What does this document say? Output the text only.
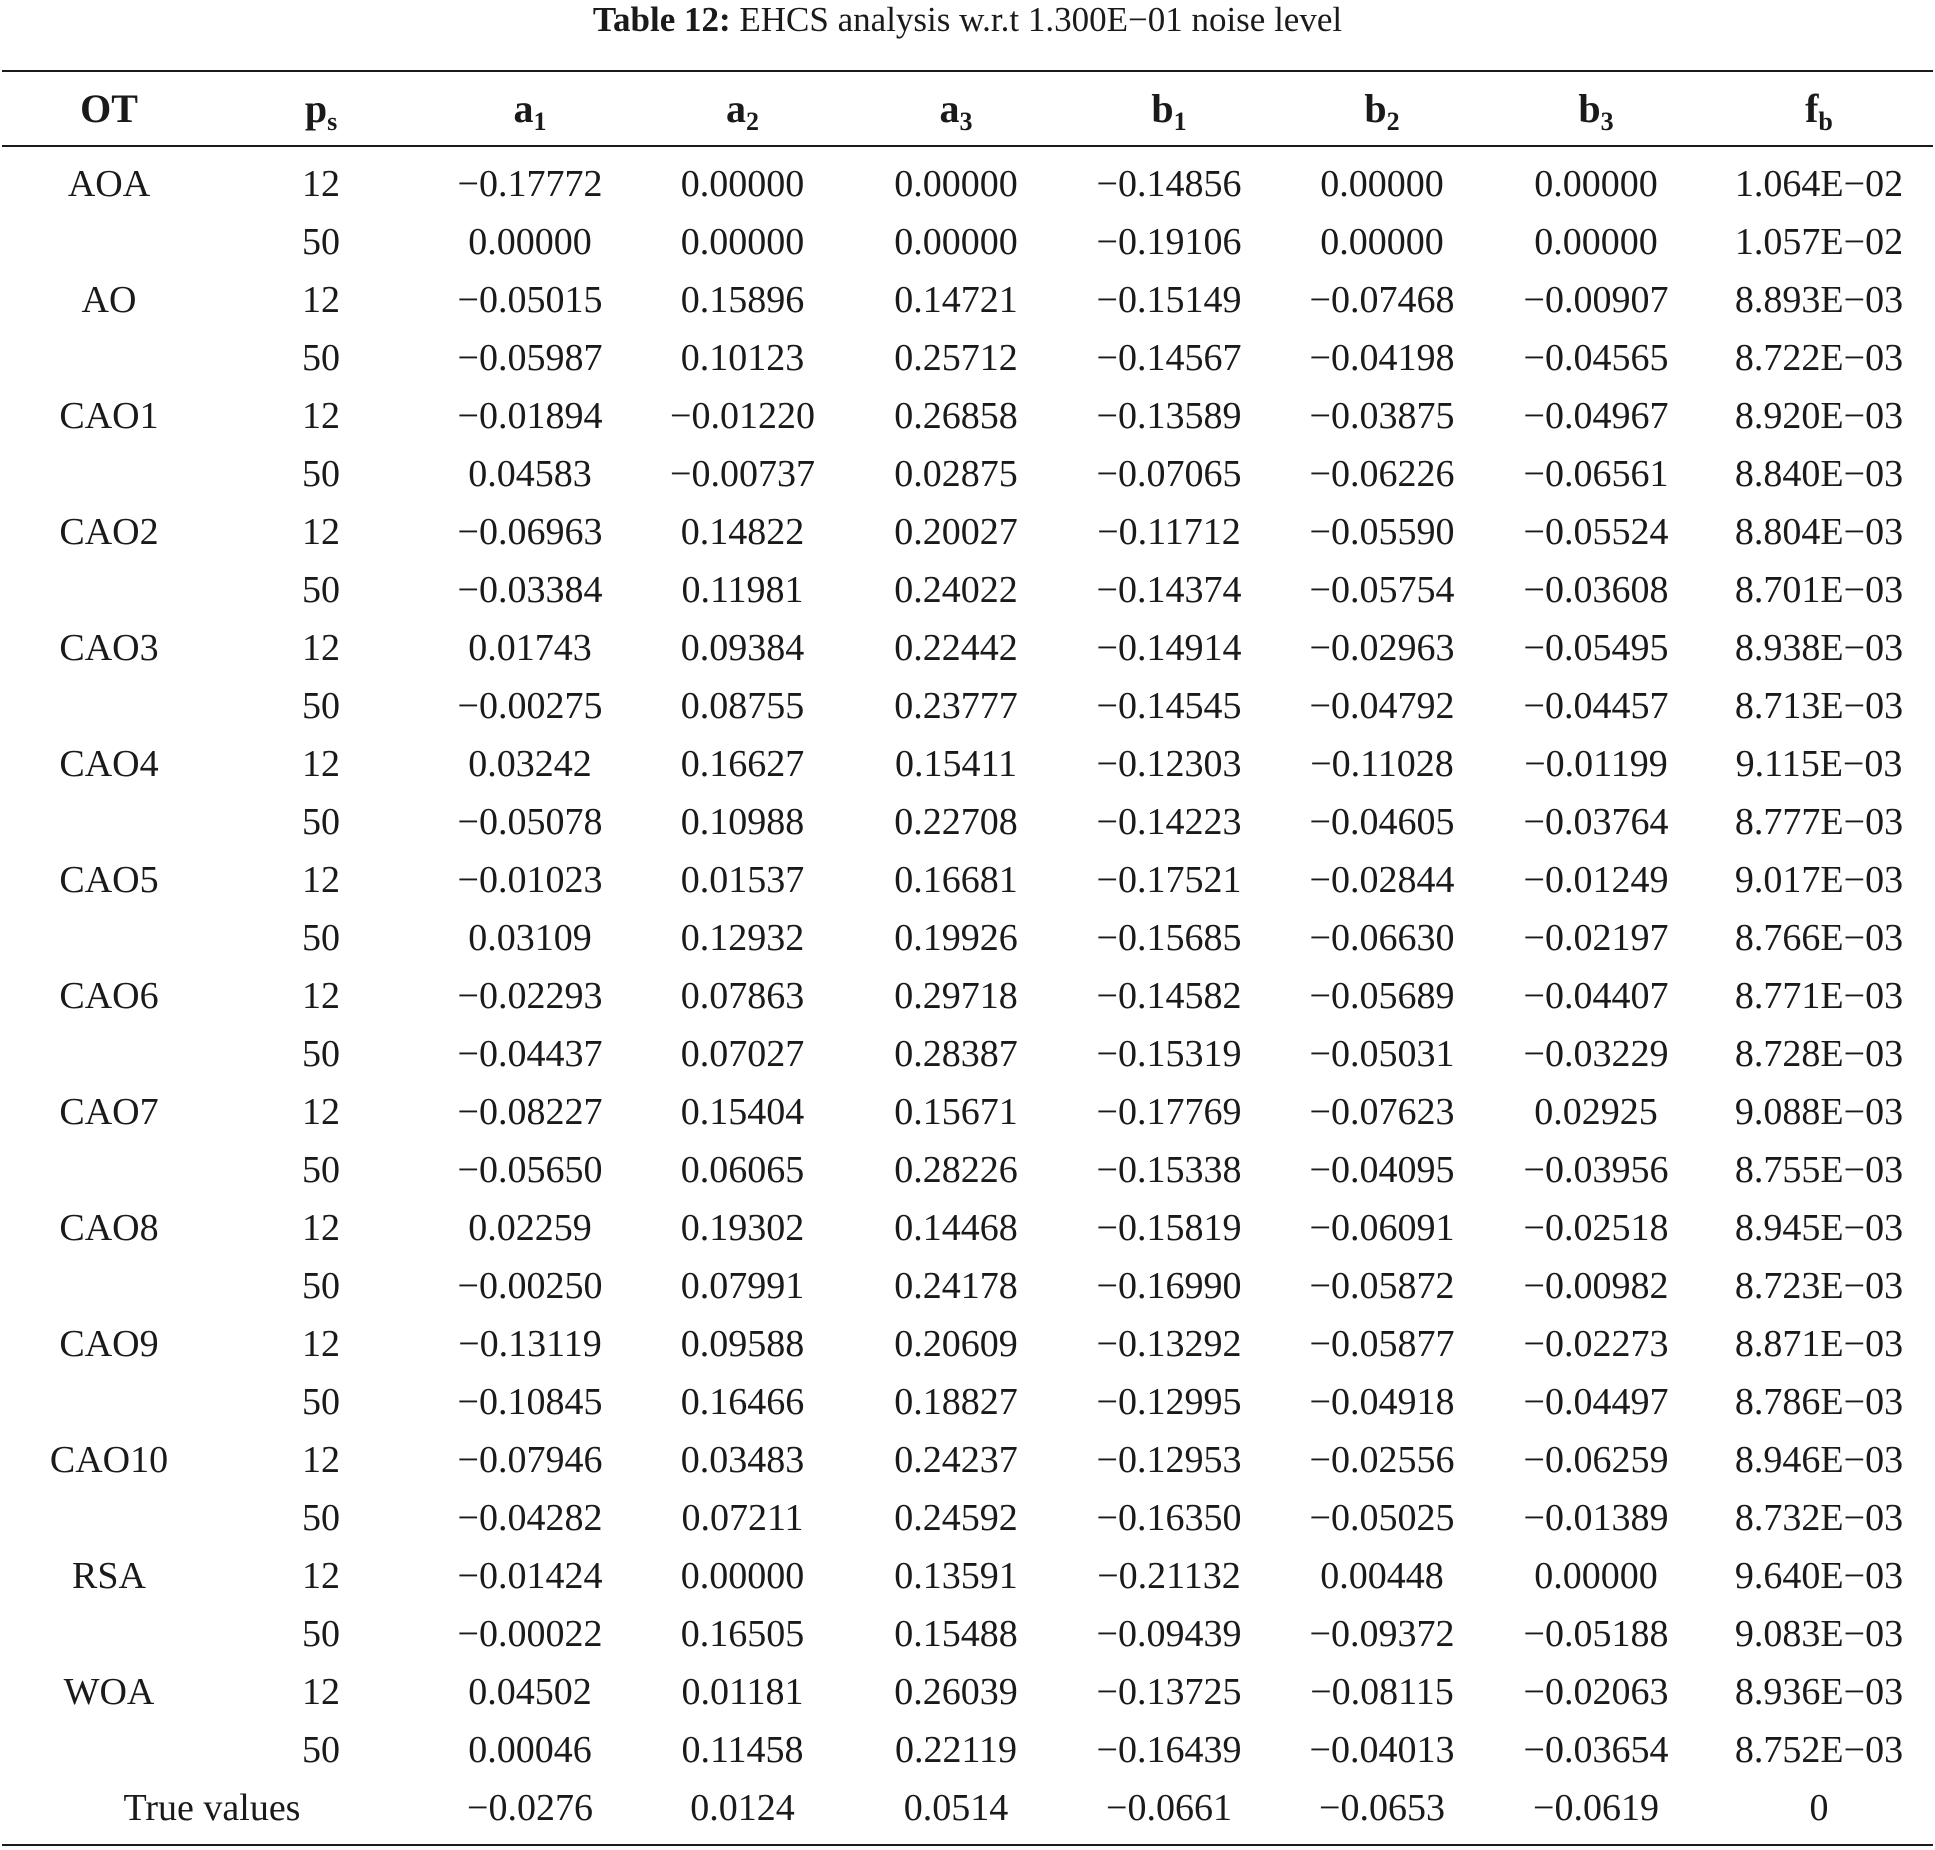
Table 12: EHCS analysis w.r.t 1.300E−01 noise level
OT	$p_s$	$a_1$	$a_2$	$a_3$	$b_1$	$b_2$	$b_3$	$f_b$
AOA	12	−0.17772	0.00000	0.00000	−0.14856	0.00000	0.00000	1.064E−02
	50	0.00000	0.00000	0.00000	−0.19106	0.00000	0.00000	1.057E−02
AO	12	−0.05015	0.15896	0.14721	−0.15149	−0.07468	−0.00907	8.893E−03
	50	−0.05987	0.10123	0.25712	−0.14567	−0.04198	−0.04565	8.722E−03
CAO1	12	−0.01894	−0.01220	0.26858	−0.13589	−0.03875	−0.04967	8.920E−03
	50	0.04583	−0.00737	0.02875	−0.07065	−0.06226	−0.06561	8.840E−03
CAO2	12	−0.06963	0.14822	0.20027	−0.11712	−0.05590	−0.05524	8.804E−03
	50	−0.03384	0.11981	0.24022	−0.14374	−0.05754	−0.03608	8.701E−03
CAO3	12	0.01743	0.09384	0.22442	−0.14914	−0.02963	−0.05495	8.938E−03
	50	−0.00275	0.08755	0.23777	−0.14545	−0.04792	−0.04457	8.713E−03
CAO4	12	0.03242	0.16627	0.15411	−0.12303	−0.11028	−0.01199	9.115E−03
	50	−0.05078	0.10988	0.22708	−0.14223	−0.04605	−0.03764	8.777E−03
CAO5	12	−0.01023	0.01537	0.16681	−0.17521	−0.02844	−0.01249	9.017E−03
	50	0.03109	0.12932	0.19926	−0.15685	−0.06630	−0.02197	8.766E−03
CAO6	12	−0.02293	0.07863	0.29718	−0.14582	−0.05689	−0.04407	8.771E−03
	50	−0.04437	0.07027	0.28387	−0.15319	−0.05031	−0.03229	8.728E−03
CAO7	12	−0.08227	0.15404	0.15671	−0.17769	−0.07623	0.02925	9.088E−03
	50	−0.05650	0.06065	0.28226	−0.15338	−0.04095	−0.03956	8.755E−03
CAO8	12	0.02259	0.19302	0.14468	−0.15819	−0.06091	−0.02518	8.945E−03
	50	−0.00250	0.07991	0.24178	−0.16990	−0.05872	−0.00982	8.723E−03
CAO9	12	−0.13119	0.09588	0.20609	−0.13292	−0.05877	−0.02273	8.871E−03
	50	−0.10845	0.16466	0.18827	−0.12995	−0.04918	−0.04497	8.786E−03
CAO10	12	−0.07946	0.03483	0.24237	−0.12953	−0.02556	−0.06259	8.946E−03
	50	−0.04282	0.07211	0.24592	−0.16350	−0.05025	−0.01389	8.732E−03
RSA	12	−0.01424	0.00000	0.13591	−0.21132	0.00448	0.00000	9.640E−03
	50	−0.00022	0.16505	0.15488	−0.09439	−0.09372	−0.05188	9.083E−03
WOA	12	0.04502	0.01181	0.26039	−0.13725	−0.08115	−0.02063	8.936E−03
	50	0.00046	0.11458	0.22119	−0.16439	−0.04013	−0.03654	8.752E−03
True values		−0.0276	0.0124	0.0514	−0.0661	−0.0653	−0.0619	0
